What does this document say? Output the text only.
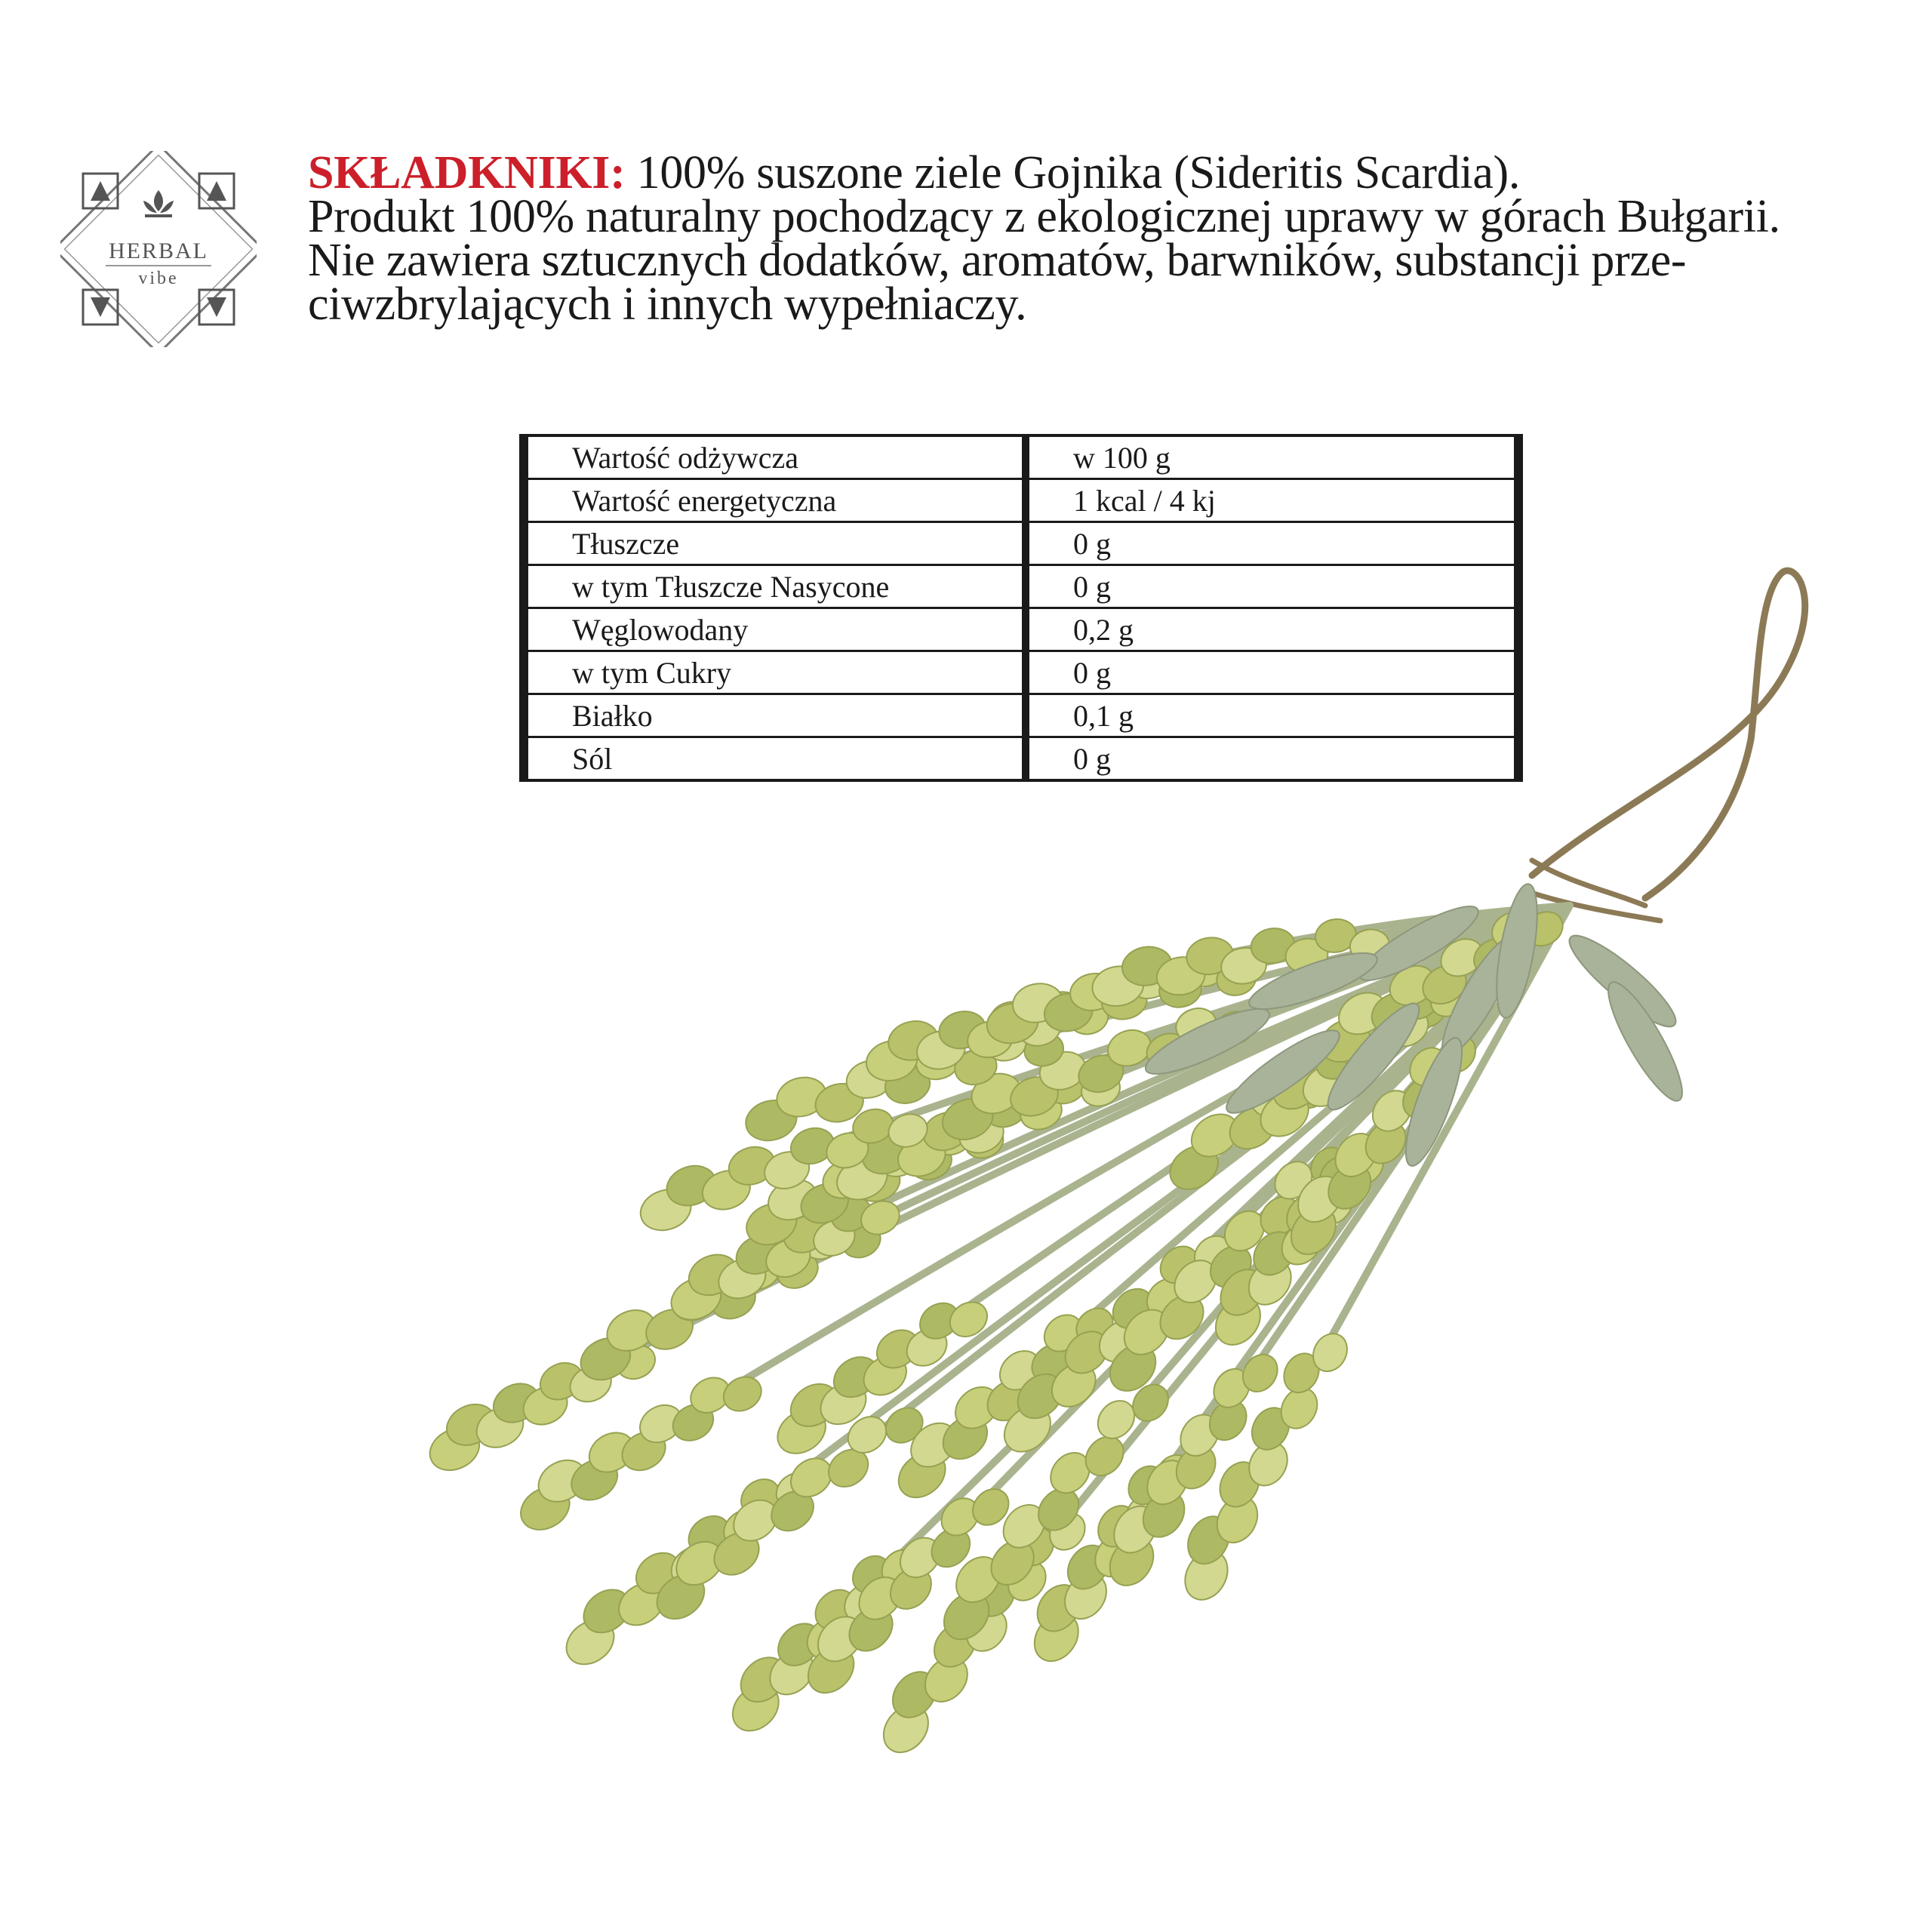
HERBAL
vibe

SKŁADKNIKI: 100% suszone ziele Gojnika (Sideritis Scardia).

Produkt 100% naturalny pochodzący z ekologicznej uprawy w górach Bułgarii.

Nie zawiera sztucznych dodatków, aromatów, barwników, substancji prze-

ciwzbrylających i innych wypełniaczy.

Wartość odżywcza	w 100 g
Wartość energetyczna	1 kcal / 4 kj
Tłuszcze	0 g
w tym Tłuszcze Nasycone	0 g
Węglowodany	0,2 g
w tym Cukry	0 g
Białko	0,1 g
Sól	0 g
